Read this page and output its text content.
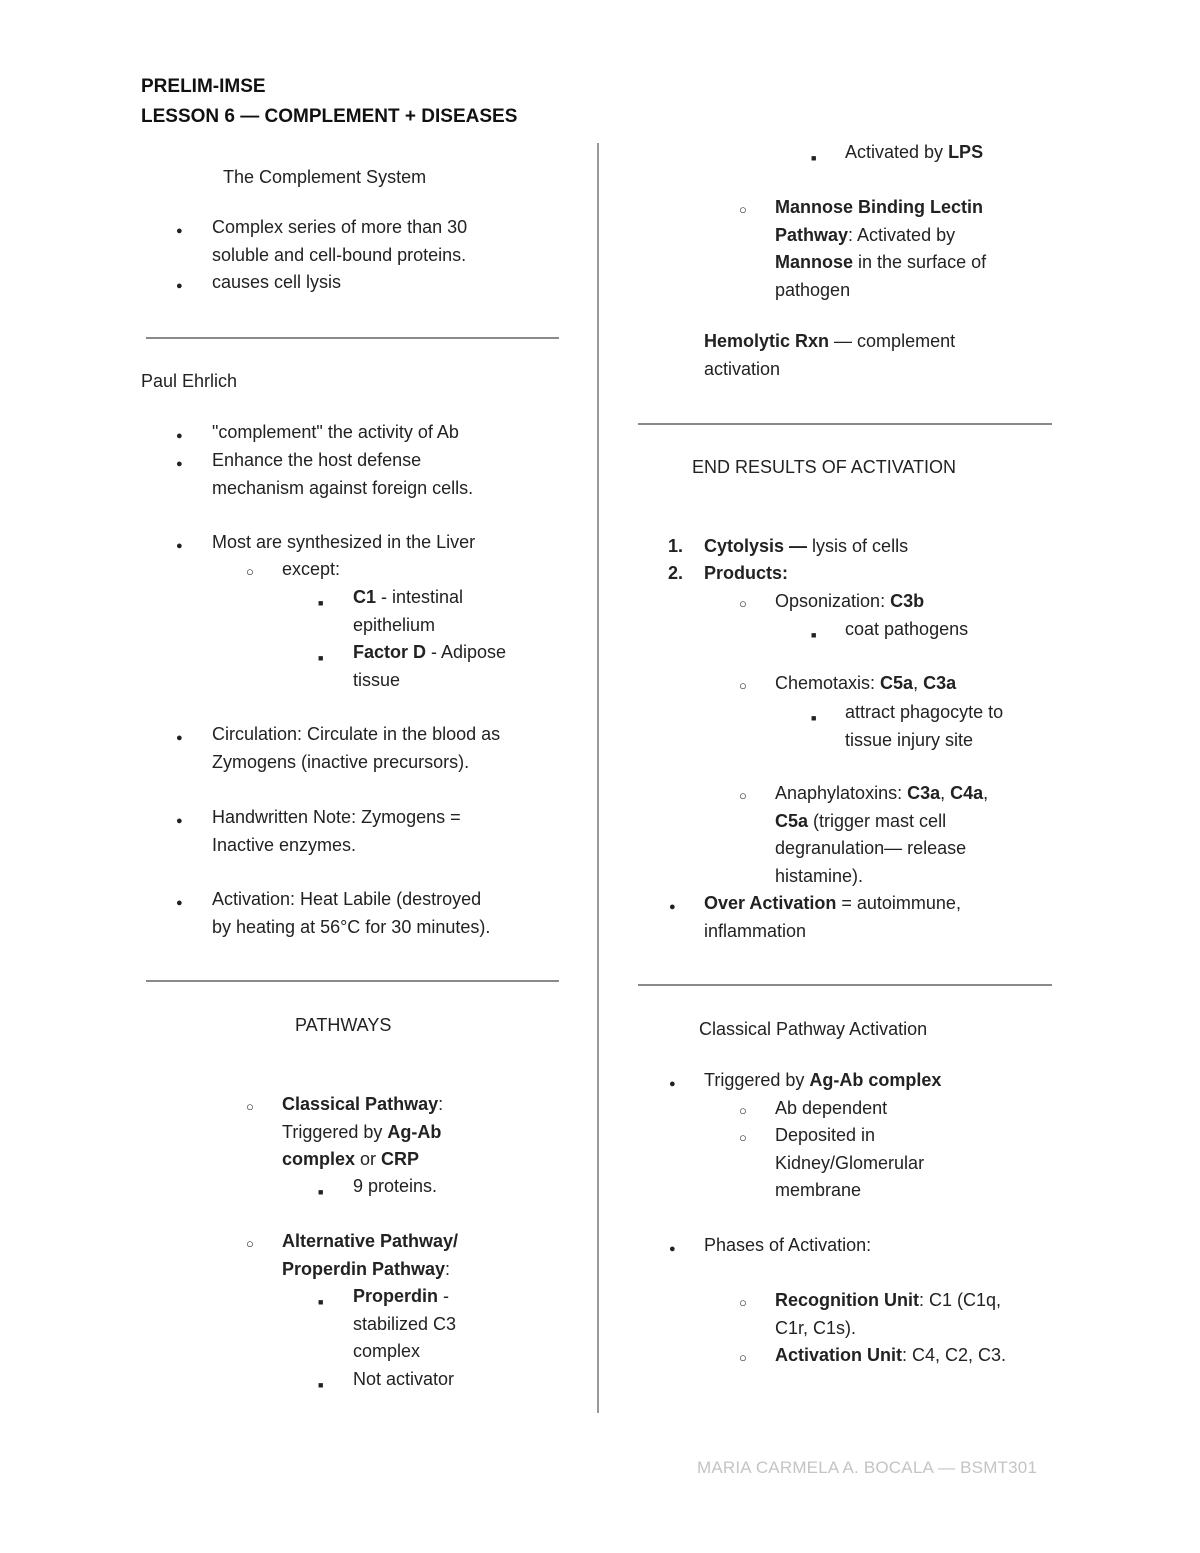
PRELIM-IMSE
LESSON 6 — COMPLEMENT + DISEASES
The Complement System
●
Complex series of more than 30
soluble and cell-bound proteins.
●
causes cell lysis
Paul Ehrlich
●
"complement" the activity of Ab
●
Enhance the host defense
mechanism against foreign cells.
●
Most are synthesized in the Liver
○
except:
■
C1 - intestinal
epithelium
■
Factor D - Adipose
tissue
●
Circulation: Circulate in the blood as
Zymogens (inactive precursors).
●
Handwritten Note: Zymogens =
Inactive enzymes.
●
Activation: Heat Labile (destroyed
by heating at 56°C for 30 minutes).
PATHWAYS
○
Classical Pathway:
Triggered by Ag-Ab
complex or CRP
■
9 proteins.
○
Alternative Pathway/
Properdin Pathway:
■
Properdin -
stabilized C3
complex
■
Not activator
■
Activated by LPS
○
Mannose Binding Lectin
Pathway: Activated by
Mannose in the surface of
pathogen
Hemolytic Rxn — complement
activation
END RESULTS OF ACTIVATION
1. Cytolysis — lysis of cells
2. Products:
○
Opsonization: C3b
■
coat pathogens
○
Chemotaxis: C5a, C3a
■
attract phagocyte to
tissue injury site
○
Anaphylatoxins: C3a, C4a,
C5a (trigger mast cell
degranulation— release
histamine).
●
Over Activation = autoimmune,
inflammation
Classical Pathway Activation
●
Triggered by Ag-Ab complex
○
Ab dependent
○
Deposited in
Kidney/Glomerular
membrane
●
Phases of Activation:
○
Recognition Unit: C1 (C1q,
C1r, C1s).
○
Activation Unit: C4, C2, C3.
MARIA CARMELA A. BOCALA — BSMT301
